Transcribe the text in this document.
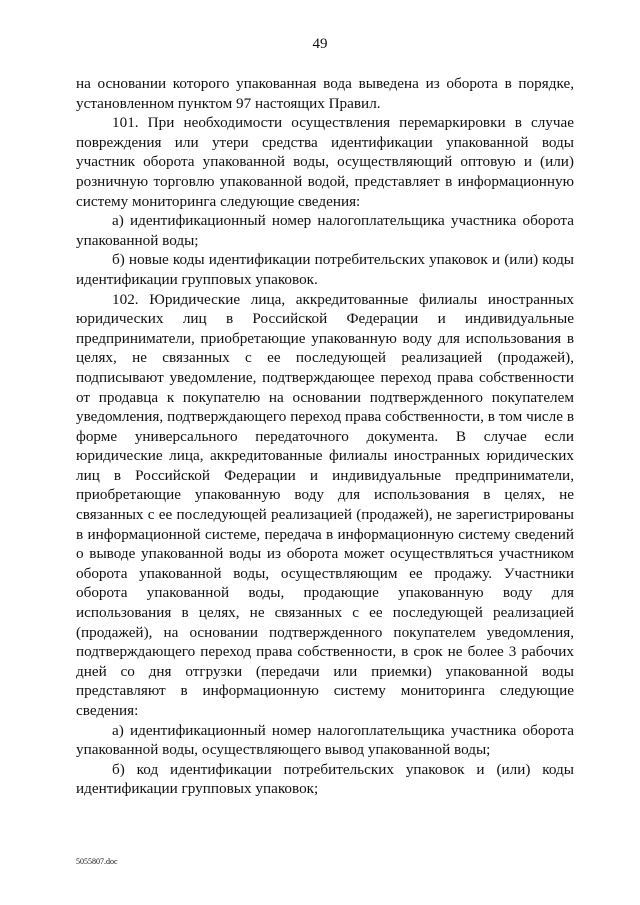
49

на основании которого упакованная вода выведена из оборота в порядке, установленном пунктом 97 настоящих Правил.

101. При необходимости осуществления перемаркировки в случае повреждения или утери средства идентификации упакованной воды участник оборота упакованной воды, осуществляющий оптовую и (или) розничную торговлю упакованной водой, представляет в информационную систему мониторинга следующие сведения:

а) идентификационный номер налогоплательщика участника оборота упакованной воды;

б) новые коды идентификации потребительских упаковок и (или) коды идентификации групповых упаковок.

102. Юридические лица, аккредитованные филиалы иностранных юридических лиц в Российской Федерации и индивидуальные предприниматели, приобретающие упакованную воду для использования в целях, не связанных с ее последующей реализацией (продажей), подписывают уведомление, подтверждающее переход права собственности от продавца к покупателю на основании подтвержденного покупателем уведомления, подтверждающего переход права собственности, в том числе в форме универсального передаточного документа. В случае если юридические лица, аккредитованные филиалы иностранных юридических лиц в Российской Федерации и индивидуальные предприниматели, приобретающие упакованную воду для использования в целях, не связанных с ее последующей реализацией (продажей), не зарегистрированы в информационной системе, передача в информационную систему сведений о выводе упакованной воды из оборота может осуществляться участником оборота упакованной воды, осуществляющим ее продажу. Участники оборота упакованной воды, продающие упакованную воду для использования в целях, не связанных с ее последующей реализацией (продажей), на основании подтвержденного покупателем уведомления, подтверждающего переход права собственности, в срок не более 3 рабочих дней со дня отгрузки (передачи или приемки) упакованной воды представляют в информационную систему мониторинга следующие сведения:

а) идентификационный номер налогоплательщика участника оборота упакованной воды, осуществляющего вывод упакованной воды;

б) код идентификации потребительских упаковок и (или) коды идентификации групповых упаковок;

5055807.doc
